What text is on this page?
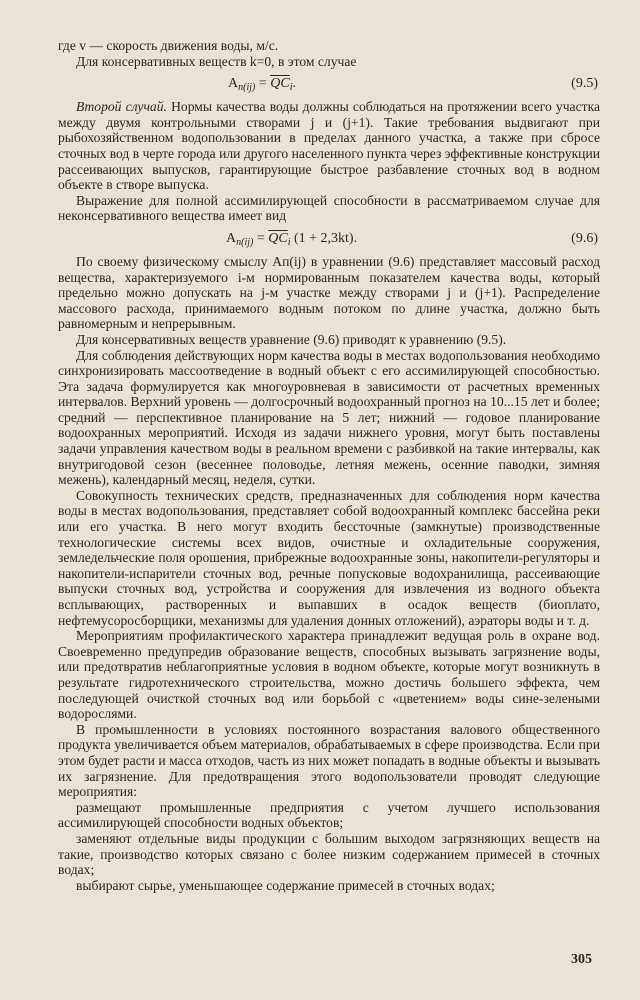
где v — скорость движения воды, м/с.
Для консервативных веществ k=0, в этом случае
$А_{п(ij)} = \overline{QC}_i$.	(9.5)

Второй случай. Нормы качества воды должны соблюдаться на протяжении всего участка между двумя контрольными створами j и (j+1). Такие требования выдвигают при рыбохозяйственном водопользовании в пределах данного участка, а также при сбросе сточных вод в черте города или другого населенного пункта через эффективные конструкции рассеивающих выпусков, гарантирующие быстрое разбавление сточных вод в водном объекте в створе выпуска.

Выражение для полной ассимилирующей способности в рассматриваемом случае для неконсервативного вещества имеет вид

$А_{п(ij)} = \overline{QC}_i$ (1 + 2,3kt).	(9.6)

По своему физическому смыслу Ап(ij) в уравнении (9.6) представляет массовый расход вещества, характеризуемого i-м нормированным показателем качества воды, который предельно можно допускать на j-м участке между створами j и (j+1). Распределение массового расхода, принимаемого водным потоком по длине участка, должно быть равномерным и непрерывным.

Для консервативных веществ уравнение (9.6) приводят к уравнению (9.5).

Для соблюдения действующих норм качества воды в местах водопользования необходимо синхронизировать массоотведение в водный объект с его ассимилирующей способностью. Эта задача формулируется как многоуровневая в зависимости от расчетных временных интервалов. Верхний уровень — долгосрочный водоохранный прогноз на 10...15 лет и более; средний — перспективное планирование на 5 лет; нижний — годовое планирование водоохранных мероприятий. Исходя из задачи нижнего уровня, могут быть поставлены задачи управления качеством воды в реальном времени с разбивкой на такие интервалы, как внутригодовой сезон (весеннее половодье, летняя межень, осенние паводки, зимняя межень), календарный месяц, неделя, сутки.

Совокупность технических средств, предназначенных для соблюдения норм качества воды в местах водопользования, представляет собой водоохранный комплекс бассейна реки или его участка. В него могут входить бессточные (замкнутые) производственные технологические системы всех видов, очистные и охладительные сооружения, земледельческие поля орошения, прибрежные водоохранные зоны, накопители-регуляторы и накопители-испарители сточных вод, речные попусковые водохранилища, рассеивающие выпуски сточных вод, устройства и сооружения для извлечения из водного объекта всплывающих, растворенных и выпавших в осадок веществ (биоплато, нефтемусоросборщики, механизмы для удаления донных отложений), аэраторы воды и т. д.

Мероприятиям профилактического характера принадлежит ведущая роль в охране вод. Своевременно предупредив образование веществ, способных вызывать загрязнение воды, или предотвратив неблагоприятные условия в водном объекте, которые могут возникнуть в результате гидротехнического строительства, можно достичь большего эффекта, чем последующей очисткой сточных вод или борьбой с «цветением» воды сине-зелеными водорослями.

В промышленности в условиях постоянного возрастания валового общественного продукта увеличивается объем материалов, обрабатываемых в сфере производства. Если при этом будет расти и масса отходов, часть из них может попадать в водные объекты и вызывать их загрязнение. Для предотвращения этого водопользователи проводят следующие мероприятия:

размещают промышленные предприятия с учетом лучшего использования ассимилирующей способности водных объектов;

заменяют отдельные виды продукции с большим выходом загрязняющих веществ на такие, производство которых связано с более низким содержанием примесей в сточных водах;

выбирают сырье, уменьшающее содержание примесей в сточных водах;

305
